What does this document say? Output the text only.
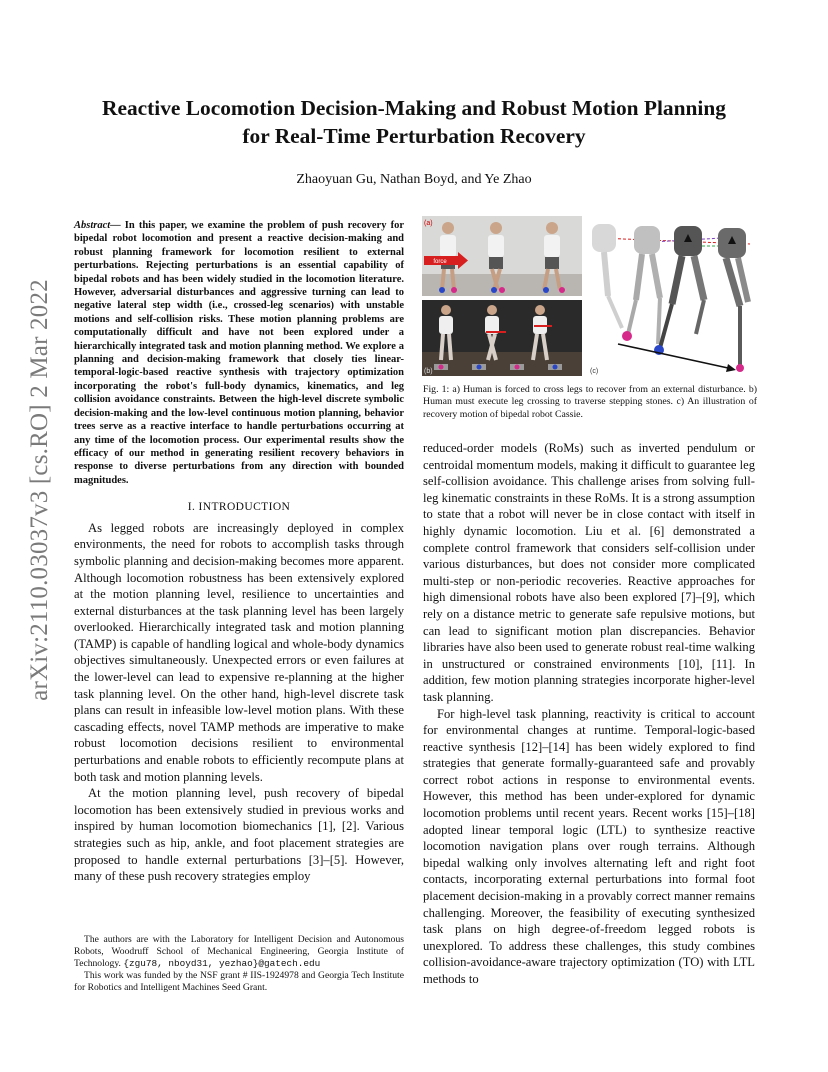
arXiv:2110.03037v3 [cs.RO] 2 Mar 2022
Reactive Locomotion Decision-Making and Robust Motion Planning
for Real-Time Perturbation Recovery
Zhaoyuan Gu, Nathan Boyd, and Ye Zhao

Abstract— In this paper, we examine the problem of push recovery for bipedal robot locomotion and present a reactive decision-making and robust planning framework for locomotion resilient to external perturbations. Rejecting perturbations is an essential capability of bipedal robots and has been widely studied in the locomotion literature. However, adversarial disturbances and aggressive turning can lead to negative lateral step width (i.e., crossed-leg scenarios) with unstable motions and self-collision risks. These motion planning problems are computationally difficult and have not been explored under a hierarchically integrated task and motion planning method. We explore a planning and decision-making framework that closely ties linear-temporal-logic-based reactive synthesis with trajectory optimization incorporating the robot's full-body dynamics, kinematics, and leg collision avoidance constraints. Between the high-level discrete symbolic decision-making and the low-level continuous motion planning, behavior trees serve as a reactive interface to handle perturbations occurring at any time of the locomotion process. Our experimental results show the efficacy of our method in generating resilient recovery behaviors in response to diverse perturbations from any direction with bounded magnitudes.

I. INTRODUCTION

As legged robots are increasingly deployed in complex environments, the need for robots to accomplish tasks through symbolic planning and decision-making becomes more apparent. Although locomotion robustness has been extensively explored at the motion planning level, resilience to uncertainties and external disturbances at the task planning level has been largely overlooked. Hierarchically integrated task and motion planning (TAMP) is capable of handling logical and whole-body dynamics objectives simultaneously. Unexpected errors or even failures at the lower-level can lead to expensive re-planning at the higher task planning level. On the other hand, high-level discrete task plans can result in infeasible low-level motion plans. With these cascading effects, novel TAMP methods are imperative to make robust locomotion decisions resilient to environmental perturbations and enable robots to efficiently recompute plans at both task and motion planning levels.

At the motion planning level, push recovery of bipedal locomotion has been extensively studied in previous works and inspired by human locomotion biomechanics [1], [2]. Various strategies such as hip, ankle, and foot placement strategies are proposed to handle external perturbations [3]–[5]. However, many of these push recovery strategies employ

The authors are with the Laboratory for Intelligent Decision and Autonomous Robots, Woodruff School of Mechanical Engineering, Georgia Institute of Technology. {zgu78, nboyd31, yezhao}@gatech.edu

This work was funded by the NSF grant # IIS-1924978 and Georgia Tech Institute for Robotics and Intelligent Machines Seed Grant.

force
(a)
(b)	(c)
Fig. 1: a) Human is forced to cross legs to recover from an external disturbance. b) Human must execute leg crossing to traverse stepping stones. c) An illustration of recovery motion of bipedal robot Cassie.

reduced-order models (RoMs) such as inverted pendulum or centroidal momentum models, making it difficult to guarantee leg self-collision avoidance. This challenge arises from solving full-leg kinematic constraints in these RoMs. It is a strong assumption to state that a robot will never be in close contact with itself in highly dynamic locomotion. Liu et al. [6] demonstrated a complete control framework that considers self-collision under various disturbances, but does not consider more complicated multi-step or non-periodic recoveries. Reactive approaches for high dimensional robots have also been explored [7]–[9], which rely on a distance metric to generate safe repulsive motions, but can lead to significant motion plan discrepancies. Behavior libraries have also been used to generate robust real-time walking in unstructured or constrained environments [10], [11]. In addition, few motion planning strategies incorporate higher-level task planning.

For high-level task planning, reactivity is critical to account for environmental changes at runtime. Temporal-logic-based reactive synthesis [12]–[14] has been widely explored to find strategies that generate formally-guaranteed safe and provably correct robot actions in response to environmental events. However, this method has been under-explored for dynamic locomotion problems until recent years. Recent works [15]–[18] adopted linear temporal logic (LTL) to synthesize reactive locomotion navigation plans over rough terrains. Although bipedal walking only involves alternating left and right foot contacts, incorporating external perturbations into formal foot placement decision-making in a provably correct manner remains challenging. Moreover, the feasibility of executing synthesized task plans on high degree-of-freedom legged robots is unexplored. To address these challenges, this study combines collision-avoidance-aware trajectory optimization (TO) with LTL methods to
